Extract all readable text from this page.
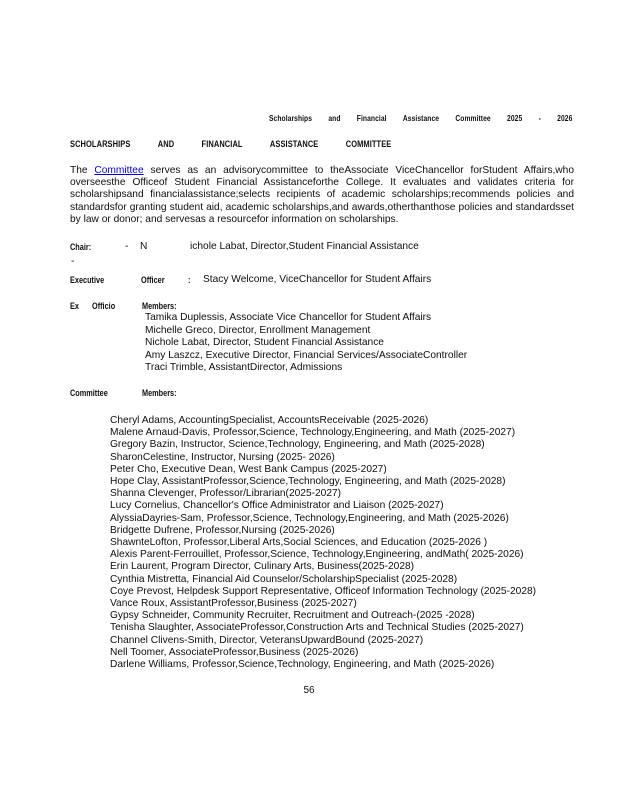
Scholarships and Financial Assistance Committee 2025 - 2026
SCHOLARSHIPS	AND	FINANCIAL	ASSISTANCE	COMMITTEE
The Committee serves as an advisorycommittee to theAssociate ViceChancellor forStudent Affairs,who overseesthe Officeof Student Financial Assistanceforthe College. It evaluates and validates criteria for scholarshipsand financialassistance;selects recipients of academic scholarships;recommends policies and standardsfor granting student aid, academic scholarships,and awards,otherthanthose policies and standardsset by law or donor; and servesas a resourcefor information on scholarships.
Chair:	- N	ichole Labat, Director,Student Financial Assistance
-
Executive	Officer : Stacy Welcome, ViceChancellor for Student Affairs
Ex Officio	Members:
Tamika Duplessis, Associate Vice Chancellor for Student Affairs
Michelle Greco, Director, Enrollment Management
Nichole Labat, Director, Student Financial Assistance
Amy Laszcz, Executive Director, Financial Services/AssociateController
Traci Trimble, AssistantDirector, Admissions
Committee	Members:
Cheryl Adams, AccountingSpecialist, AccountsReceivable (2025-2026)
Malene Arnaud-Davis, Professor,Science, Technology,Engineering, and Math (2025-2027)
Gregory Bazin, Instructor, Science,Technology, Engineering, and Math (2025-2028)
SharonCelestine, Instructor, Nursing (2025- 2026)
Peter Cho, Executive Dean, West Bank Campus (2025-2027)
Hope Clay, AssistantProfessor,Science,Technology, Engineering, and Math (2025-2028)
Shanna Clevenger, Professor/Librarian(2025-2027)
Lucy Cornelius, Chancellor's Office Administrator and Liaison (2025-2027)
AlyssiaDayries-Sam, Professor,Science, Technology,Engineering, and Math (2025-2026)
Bridgette Dufrene, Professor,Nursing (2025-2026)
ShawnteLofton, Professor,Liberal Arts,Social Sciences, and Education (2025-2026 )
Alexis Parent-Ferrouillet, Professor,Science, Technology,Engineering, andMath( 2025-2026)
Erin Laurent, Program Director, Culinary Arts, Business(2025-2028)
Cynthia Mistretta, Financial Aid Counselor/ScholarshipSpecialist (2025-2028)
Coye Prevost, Helpdesk Support Representative, Officeof Information Technology (2025-2028)
Vance Roux, AssistantProfessor,Business (2025-2027)
Gypsy Schneider, Community Recruiter, Recruitment and Outreach-(2025 -2028)
Tenisha Slaughter, AssociateProfessor,Construction Arts and Technical Studies (2025-2027)
Channel Clivens-Smith, Director, VeteransUpwardBound (2025-2027)
Nell Toomer, AssociateProfessor,Business (2025-2026)
Darlene Williams, Professor,Science,Technology, Engineering, and Math (2025-2026)
56
